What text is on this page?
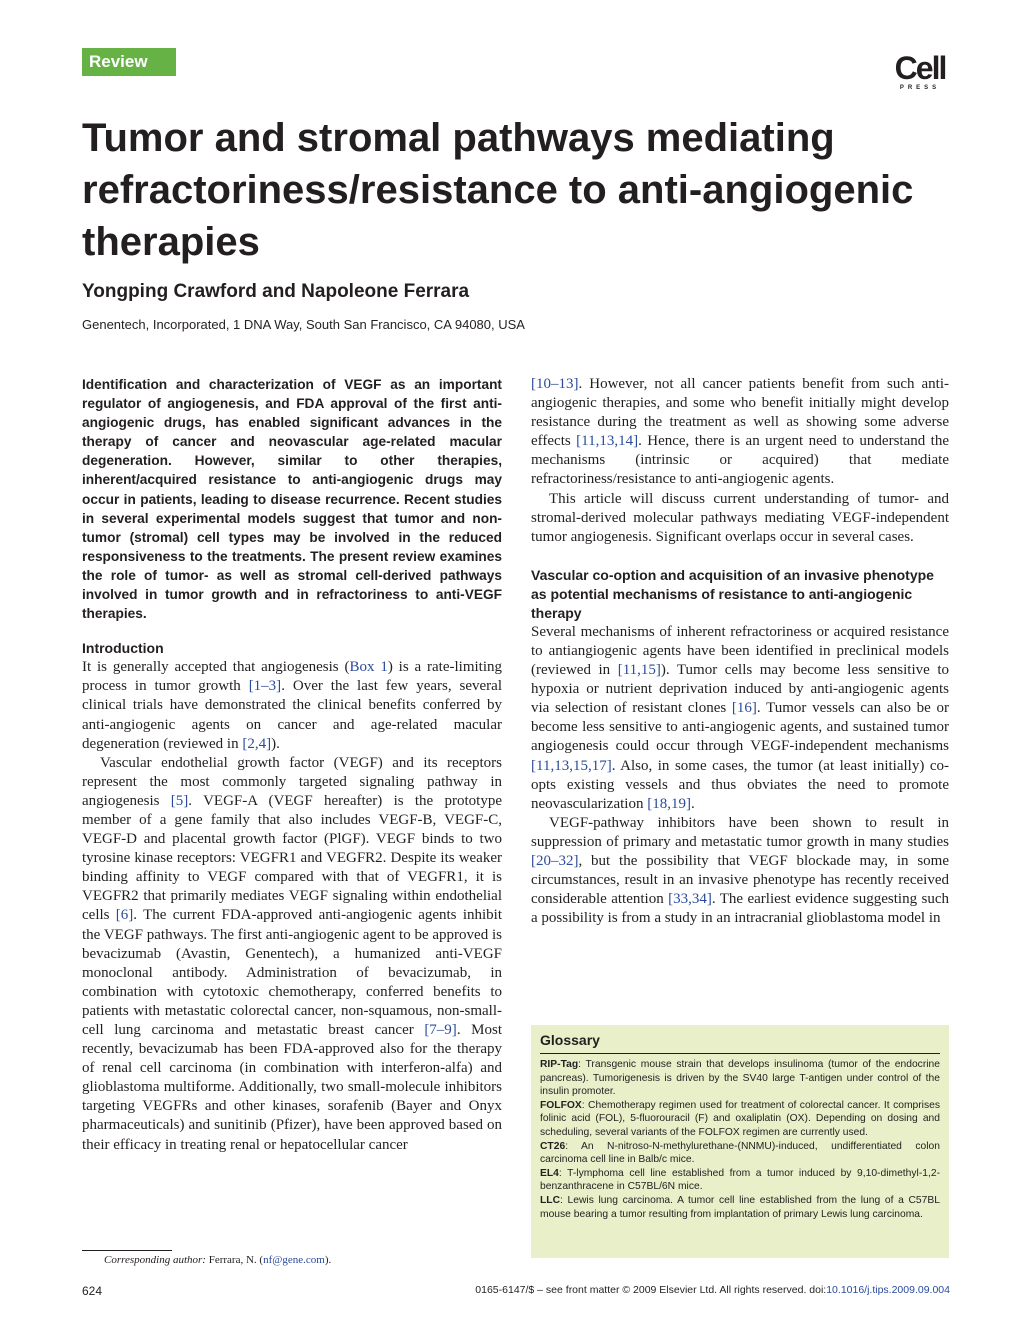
Review	Cell
PRESS
Tumor and stromal pathways mediating refractoriness/resistance to anti-angiogenic therapies
Yongping Crawford and Napoleone Ferrara
Genentech, Incorporated, 1 DNA Way, South San Francisco, CA 94080, USA

Identification and characterization of VEGF as an important regulator of angiogenesis, and FDA approval of the first anti-angiogenic drugs, has enabled significant advances in the therapy of cancer and neovascular age-related macular degeneration. However, similar to other therapies, inherent/acquired resistance to anti-angiogenic drugs may occur in patients, leading to disease recurrence. Recent studies in several experimental models suggest that tumor and non-tumor (stromal) cell types may be involved in the reduced responsiveness to the treatments. The present review examines the role of tumor- as well as stromal cell-derived pathways involved in tumor growth and in refractoriness to anti-VEGF therapies.

Introduction

It is generally accepted that angiogenesis (Box 1) is a rate-limiting process in tumor growth [1–3]. Over the last few years, several clinical trials have demonstrated the clinical benefits conferred by anti-angiogenic agents on cancer and age-related macular degeneration (reviewed in [2,4]).

Vascular endothelial growth factor (VEGF) and its receptors represent the most commonly targeted signaling pathway in angiogenesis [5]. VEGF-A (VEGF hereafter) is the prototype member of a gene family that also includes VEGF-B, VEGF-C, VEGF-D and placental growth factor (PlGF). VEGF binds to two tyrosine kinase receptors: VEGFR1 and VEGFR2. Despite its weaker binding affinity to VEGF compared with that of VEGFR1, it is VEGFR2 that primarily mediates VEGF signaling within endothelial cells [6]. The current FDA-approved anti-angiogenic agents inhibit the VEGF pathways. The first anti-angiogenic agent to be approved is bevacizumab (Avastin, Genentech), a humanized anti-VEGF monoclonal antibody. Administration of bevacizumab, in combination with cytotoxic chemotherapy, conferred benefits to patients with metastatic colorectal cancer, non-squamous, non-small-cell lung carcinoma and metastatic breast cancer [7–9]. Most recently, bevacizumab has been FDA-approved also for the therapy of renal cell carcinoma (in combination with interferon-alfa) and glioblastoma multiforme. Additionally, two small-molecule inhibitors targeting VEGFRs and other kinases, sorafenib (Bayer and Onyx pharmaceuticals) and sunitinib (Pfizer), have been approved based on their efficacy in treating renal or hepatocellular cancer

[10–13]. However, not all cancer patients benefit from such anti-angiogenic therapies, and some who benefit initially might develop resistance during the treatment as well as showing some adverse effects [11,13,14]. Hence, there is an urgent need to understand the mechanisms (intrinsic or acquired) that mediate refractoriness/resistance to anti-angiogenic agents.

This article will discuss current understanding of tumor- and stromal-derived molecular pathways mediating VEGF-independent tumor angiogenesis. Significant overlaps occur in several cases.

Vascular co-option and acquisition of an invasive phenotype as potential mechanisms of resistance to anti-angiogenic therapy

Several mechanisms of inherent refractoriness or acquired resistance to antiangiogenic agents have been identified in preclinical models (reviewed in [11,15]). Tumor cells may become less sensitive to hypoxia or nutrient deprivation induced by anti-angiogenic agents via selection of resistant clones [16]. Tumor vessels can also be or become less sensitive to anti-angiogenic agents, and sustained tumor angiogenesis could occur through VEGF-independent mechanisms [11,13,15,17]. Also, in some cases, the tumor (at least initially) co-opts existing vessels and thus obviates the need to promote neovascularization [18,19].

VEGF-pathway inhibitors have been shown to result in suppression of primary and metastatic tumor growth in many studies [20–32], but the possibility that VEGF blockade may, in some circumstances, result in an invasive phenotype has recently received considerable attention [33,34]. The earliest evidence suggesting such a possibility is from a study in an intracranial glioblastoma model in

Glossary
RIP-Tag: Transgenic mouse strain that develops insulinoma (tumor of the endocrine pancreas). Tumorigenesis is driven by the SV40 large T-antigen under control of the insulin promoter.
FOLFOX: Chemotherapy regimen used for treatment of colorectal cancer. It comprises folinic acid (FOL), 5-fluorouracil (F) and oxaliplatin (OX). Depending on dosing and scheduling, several variants of the FOLFOX regimen are currently used.
CT26: An N-nitroso-N-methylurethane-(NNMU)-induced, undifferentiated colon carcinoma cell line in Balb/c mice.
EL4: T-lymphoma cell line established from a tumor induced by 9,10-dimethyl-1,2-benzanthracene in C57BL/6N mice.
LLC: Lewis lung carcinoma. A tumor cell line established from the lung of a C57BL mouse bearing a tumor resulting from implantation of primary Lewis lung carcinoma.
Corresponding author: Ferrara, N. (nf@gene.com).
624	0165-6147/$ – see front matter © 2009 Elsevier Ltd. All rights reserved. doi:10.1016/j.tips.2009.09.004
